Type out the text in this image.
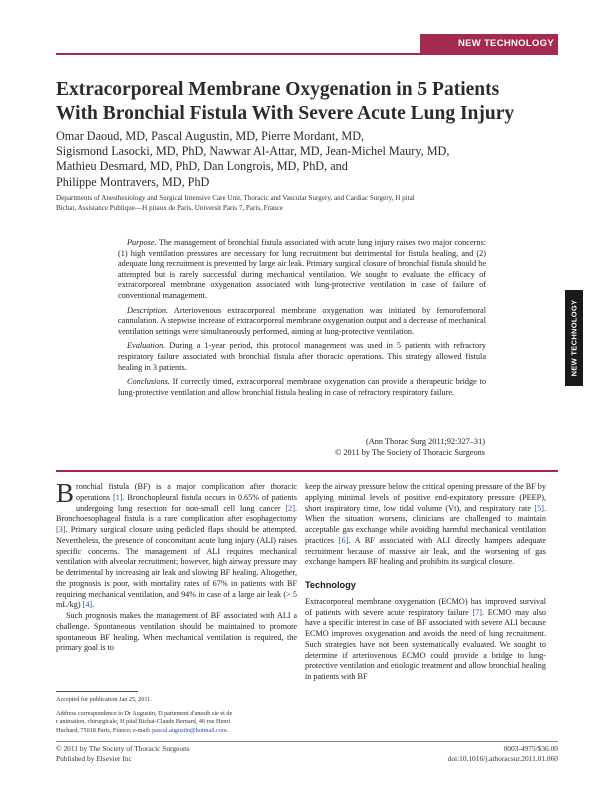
NEW TECHNOLOGY
NEW TECHNOLOGY
Extracorporeal Membrane Oxygenation in 5 Patients
With Bronchial Fistula With Severe Acute Lung Injury
Omar Daoud, MD, Pascal Augustin, MD, Pierre Mordant, MD,
Sigismond Lasocki, MD, PhD, Nawwar Al-Attar, MD, Jean-Michel Maury, MD,
Mathieu Desmard, MD, PhD, Dan Longrois, MD, PhD, and
Philippe Montravers, MD, PhD
Departments of Anesthesiology and Surgical Intensive Care Unit, Thoracic and Vascular Surgery, and Cardiac Surgery, H pital
Bichat, Assistance Publique—H pitaux de Paris, Universit Paris 7, Paris, France

Purpose. The management of bronchial fistula associated with acute lung injury raises two major concerns: (1) high ventilation pressures are necessary for lung recruitment but detrimental for fistula healing, and (2) adequate lung recruitment is prevented by large air leak. Primary surgical closure of bronchial fistula should be attempted but is rarely successful during mechanical ventilation. We sought to evaluate the efficacy of extracorporeal membrane oxygenation associated with lung-protective ventilation in case of failure of conventional management.

Description. Arteriovenous extracorporeal membrane oxygenation was initiated by femorofemoral cannulation. A stepwise increase of extracorporeal membrane oxygenation output and a decrease of mechanical ventilation settings were simultaneously performed, aiming at lung-protective ventilation.

Evaluation. During a 1-year period, this protocol management was used in 5 patients with refractory respiratory failure associated with bronchial fistula after thoracic operations. This strategy allowed fistula healing in 3 patients.

Conclusions. If correctly timed, extracorporeal membrane oxygenation can provide a therapeutic bridge to lung-protective ventilation and allow bronchial fistula healing in case of refractory respiratory failure.

(Ann Thorac Surg 2011;92:327–31)
© 2011 by The Society of Thoracic Surgeons

Bronchial fistula (BF) is a major complication after thoracic operations [1]. Bronchopleural fistula occurs in 0.65% of patients undergoing lung resection for non-small cell lung cancer [2]. Bronchoesophageal fistula is a rare complication after esophagectomy [3]. Primary surgical closure using pedicled flaps should be attempted. Nevertheless, the presence of concomitant acute lung injury (ALI) raises specific concerns. The management of ALI requires mechanical ventilation with alveolar recruitment; however, high airway pressure may be detrimental by increasing air leak and slowing BF healing. Altogether, the prognosis is poor, with mortality rates of 67% in patients with BF requiring mechanical ventilation, and 94% in case of a large air leak (> 5 mL/kg) [4].

Such prognosis makes the management of BF associated with ALI a challenge. Spontaneous ventilation should be maintained to promote spontaneous BF healing. When mechanical ventilation is required, the primary goal is to

Accepted for publication Jan 25, 2011.
Address correspondence to Dr Augustin, D partement d'anesth sie et de
r animation, chirurgicale, H pital Bichat-Claude Bernard, 46 rue Henri
Huchard, 75018 Paris, France; e-mail: pascal.augustin@hotmail.com.

keep the airway pressure below the critical opening pressure of the BF by applying minimal levels of positive end-expiratory pressure (PEEP), short inspiratory time, low tidal volume (Vt), and respiratory rate [5]. When the situation worsens, clinicians are challenged to maintain acceptable gas exchange while avoiding harmful mechanical ventilation practices [6]. A BF associated with ALI directly hampers adequate recruitment because of massive air leak, and the worsening of gas exchange hampers BF healing and prohibits its surgical closure.

Technology

Extracorporeal membrane oxygenation (ECMO) has improved survival of patients with severe acute respiratory failure [7]. ECMO may also have a specific interest in case of BF associated with severe ALI because ECMO improves oxygenation and avoids the need of lung recruitment. Such strategies have not been systematically evaluated. We sought to determine if arteriovenous ECMO could provide a bridge to lung-protective ventilation and etiologic treatment and allow bronchial healing in patients with BF

© 2011 by The Society of Thoracic Surgeons
Published by Elsevier Inc
0003-4975/$36.00
doi:10.1016/j.athoracsur.2011.01.060
